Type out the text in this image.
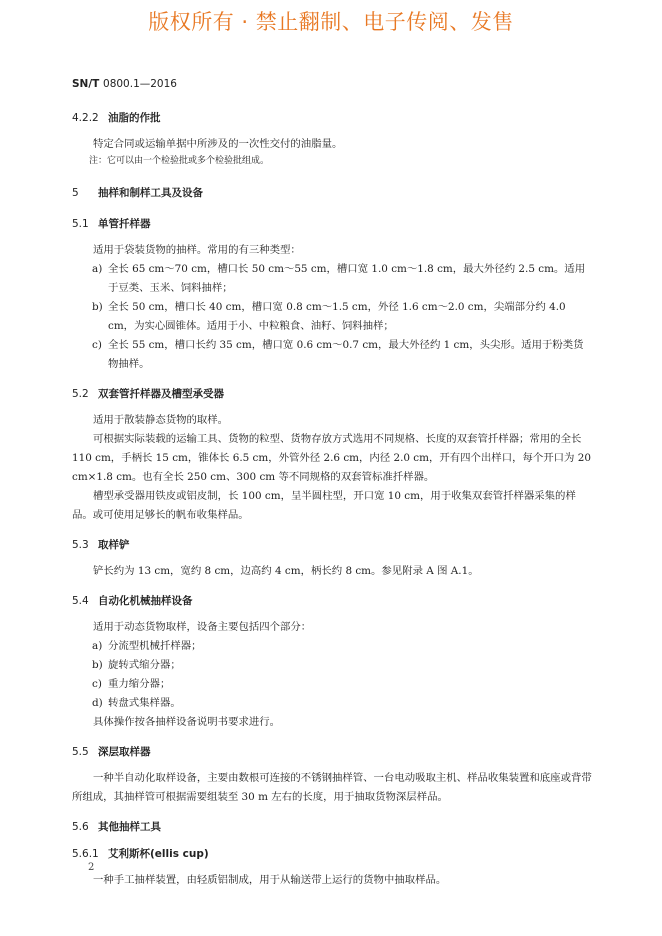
版权所有 · 禁止翻制、电子传阅、发售
SN/T 0800.1—2016
4.2.2 油脂的作批

特定合同或运输单据中所涉及的一次性交付的油脂量。

注：它可以由一个检验批或多个检验批组成。

5 抽样和制样工具及设备
5.1 单管扦样器

适用于袋装货物的抽样。常用的有三种类型：

a) 全长 65 cm～70 cm，槽口长 50 cm～55 cm，槽口宽 1.0 cm～1.8 cm，最大外径约 2.5 cm。适用于豆类、玉米、饲料抽样；
b) 全长 50 cm，槽口长 40 cm，槽口宽 0.8 cm～1.5 cm，外径 1.6 cm～2.0 cm，尖端部分约 4.0 cm，为实心圆锥体。适用于小、中粒粮食、油籽、饲料抽样；
c) 全长 55 cm，槽口长约 35 cm，槽口宽 0.6 cm～0.7 cm，最大外径约 1 cm，头尖形。适用于粉类货物抽样。
5.2 双套管扦样器及槽型承受器

适用于散装静态货物的取样。

可根据实际装载的运输工具、货物的粒型、货物存放方式选用不同规格、长度的双套管扦样器；常用的全长 110 cm，手柄长 15 cm，锥体长 6.5 cm，外管外径 2.6 cm，内径 2.0 cm，开有四个出样口，每个开口为 20 cm×1.8 cm。也有全长 250 cm、300 cm 等不同规格的双套管标准扦样器。

槽型承受器用铁皮或铝皮制，长 100 cm，呈半圆柱型，开口宽 10 cm，用于收集双套管扦样器采集的样品。或可使用足够长的帆布收集样品。

5.3 取样铲

铲长约为 13 cm，宽约 8 cm，边高约 4 cm，柄长约 8 cm。参见附录 A 图 A.1。

5.4 自动化机械抽样设备

适用于动态货物取样，设备主要包括四个部分：

a) 分流型机械扦样器；
b) 旋转式缩分器；
c) 重力缩分器；
d) 转盘式集样器。

具体操作按各抽样设备说明书要求进行。

5.5 深层取样器

一种半自动化取样设备，主要由数根可连接的不锈钢抽样管、一台电动吸取主机、样品收集装置和底座或背带所组成，其抽样管可根据需要组装至 30 m 左右的长度，用于抽取货物深层样品。

5.6 其他抽样工具
5.6.1 艾利斯杯(ellis cup)

一种手工抽样装置，由轻质铝制成，用于从输送带上运行的货物中抽取样品。

2
